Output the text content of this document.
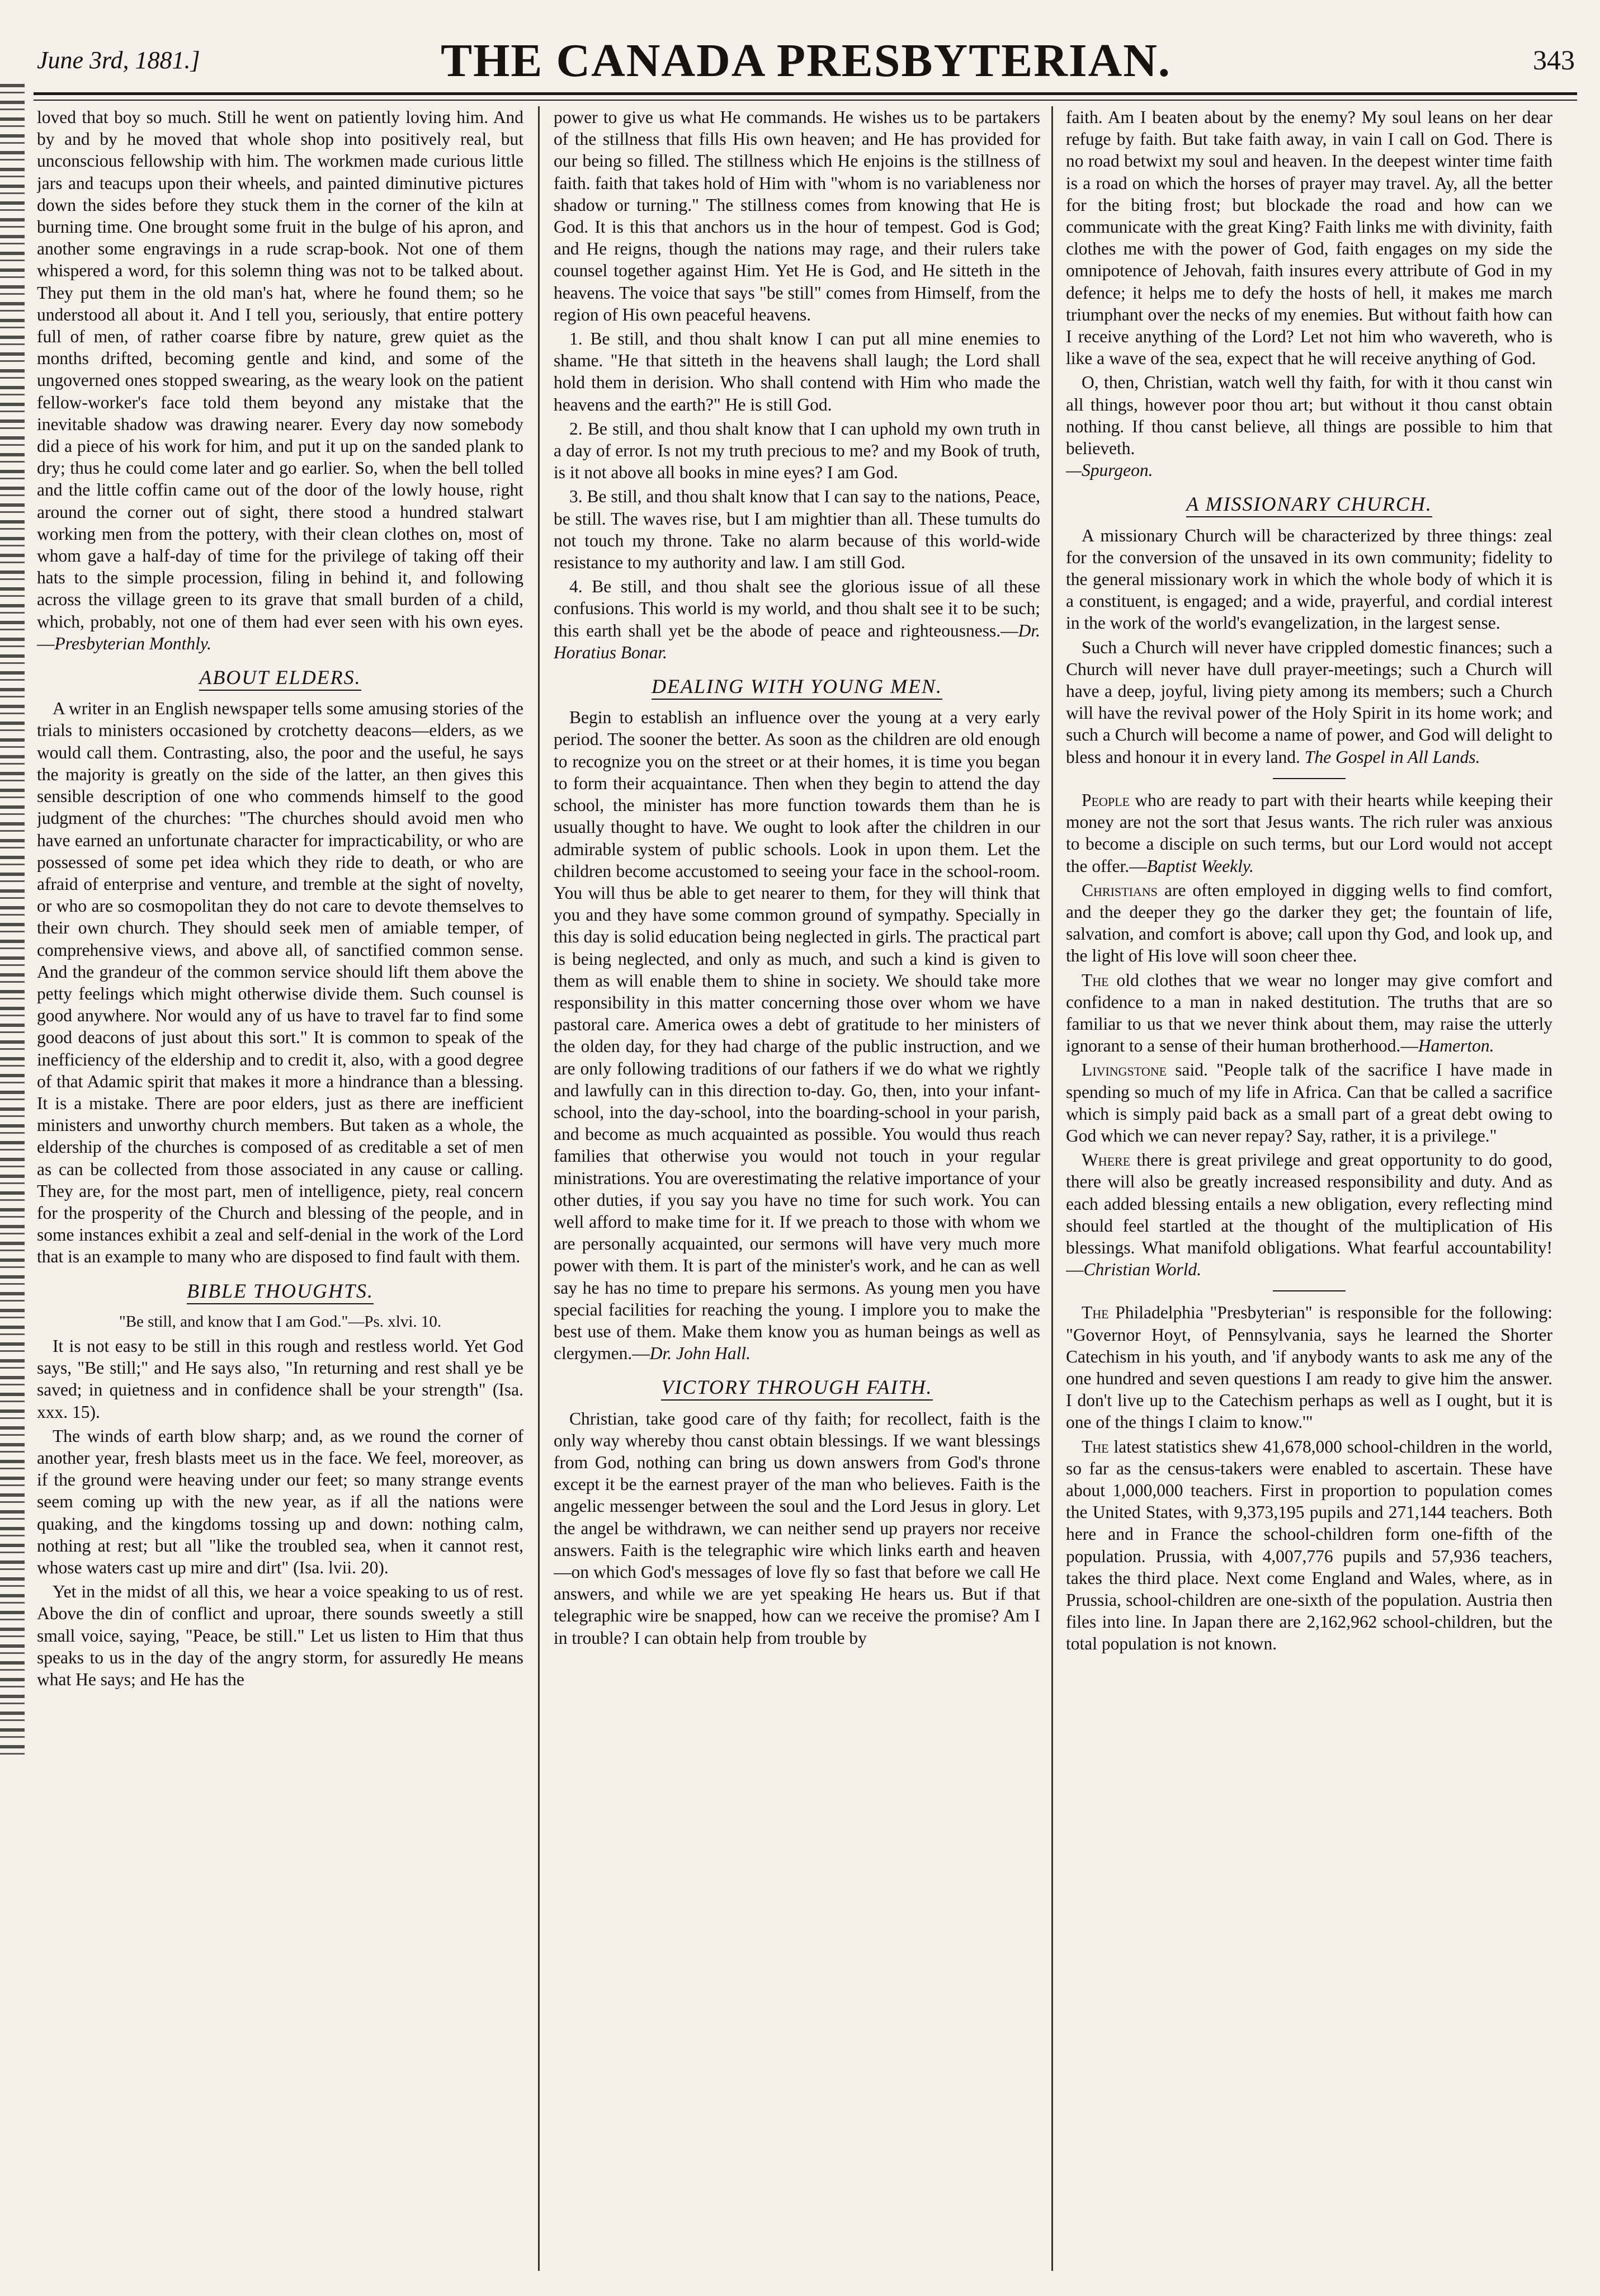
June 3rd, 1881.]	THE CANADA PRESBYTERIAN.	343

loved that boy so much. Still he went on patiently loving him. And by and by he moved that whole shop into positively real, but unconscious fellowship with him. The workmen made curious little jars and teacups upon their wheels, and painted diminutive pictures down the sides before they stuck them in the corner of the kiln at burning time. One brought some fruit in the bulge of his apron, and another some engravings in a rude scrap-book. Not one of them whispered a word, for this solemn thing was not to be talked about. They put them in the old man's hat, where he found them; so he understood all about it. And I tell you, seriously, that entire pottery full of men, of rather coarse fibre by nature, grew quiet as the months drifted, becoming gentle and kind, and some of the ungoverned ones stopped swearing, as the weary look on the patient fellow-worker's face told them beyond any mistake that the inevitable shadow was drawing nearer. Every day now somebody did a piece of his work for him, and put it up on the sanded plank to dry; thus he could come later and go earlier. So, when the bell tolled and the little coffin came out of the door of the lowly house, right around the corner out of sight, there stood a hundred stalwart working men from the pottery, with their clean clothes on, most of whom gave a half-day of time for the privilege of taking off their hats to the simple procession, filing in behind it, and following across the village green to its grave that small burden of a child, which, probably, not one of them had ever seen with his own eyes.—Presbyterian Monthly.

ABOUT ELDERS.

A writer in an English newspaper tells some amusing stories of the trials to ministers occasioned by crotchetty deacons—elders, as we would call them. Contrasting, also, the poor and the useful, he says the majority is greatly on the side of the latter, an then gives this sensible description of one who commends himself to the good judgment of the churches: "The churches should avoid men who have earned an unfortunate character for impracticability, or who are possessed of some pet idea which they ride to death, or who are afraid of enterprise and venture, and tremble at the sight of novelty, or who are so cosmopolitan they do not care to devote themselves to their own church. They should seek men of amiable temper, of comprehensive views, and above all, of sanctified common sense. And the grandeur of the common service should lift them above the petty feelings which might otherwise divide them. Such counsel is good anywhere. Nor would any of us have to travel far to find some good deacons of just about this sort." It is common to speak of the inefficiency of the eldership and to credit it, also, with a good degree of that Adamic spirit that makes it more a hindrance than a blessing. It is a mistake. There are poor elders, just as there are inefficient ministers and unworthy church members. But taken as a whole, the eldership of the churches is composed of as creditable a set of men as can be collected from those associated in any cause or calling. They are, for the most part, men of intelligence, piety, real concern for the prosperity of the Church and blessing of the people, and in some instances exhibit a zeal and self-denial in the work of the Lord that is an example to many who are disposed to find fault with them.

BIBLE THOUGHTS.

"Be still, and know that I am God."—Ps. xlvi. 10.

It is not easy to be still in this rough and restless world. Yet God says, "Be still;" and He says also, "In returning and rest shall ye be saved; in quietness and in confidence shall be your strength" (Isa. xxx. 15).

The winds of earth blow sharp; and, as we round the corner of another year, fresh blasts meet us in the face. We feel, moreover, as if the ground were heaving under our feet; so many strange events seem coming up with the new year, as if all the nations were quaking, and the kingdoms tossing up and down: nothing calm, nothing at rest; but all "like the troubled sea, when it cannot rest, whose waters cast up mire and dirt" (Isa. lvii. 20).

Yet in the midst of all this, we hear a voice speaking to us of rest. Above the din of conflict and uproar, there sounds sweetly a still small voice, saying, "Peace, be still." Let us listen to Him that thus speaks to us in the day of the angry storm, for assuredly He means what He says; and He has the

power to give us what He commands. He wishes us to be partakers of the stillness that fills His own heaven; and He has provided for our being so filled. The stillness which He enjoins is the stillness of faith. faith that takes hold of Him with "whom is no variableness nor shadow or turning." The stillness comes from knowing that He is God. It is this that anchors us in the hour of tempest. God is God; and He reigns, though the nations may rage, and their rulers take counsel together against Him. Yet He is God, and He sitteth in the heavens. The voice that says "be still" comes from Himself, from the region of His own peaceful heavens.

1. Be still, and thou shalt know I can put all mine enemies to shame. "He that sitteth in the heavens shall laugh; the Lord shall hold them in derision. Who shall contend with Him who made the heavens and the earth?" He is still God.

2. Be still, and thou shalt know that I can uphold my own truth in a day of error. Is not my truth precious to me? and my Book of truth, is it not above all books in mine eyes? I am God.

3. Be still, and thou shalt know that I can say to the nations, Peace, be still. The waves rise, but I am mightier than all. These tumults do not touch my throne. Take no alarm because of this world-wide resistance to my authority and law. I am still God.

4. Be still, and thou shalt see the glorious issue of all these confusions. This world is my world, and thou shalt see it to be such; this earth shall yet be the abode of peace and righteousness.—Dr. Horatius Bonar.

DEALING WITH YOUNG MEN.

Begin to establish an influence over the young at a very early period. The sooner the better. As soon as the children are old enough to recognize you on the street or at their homes, it is time you began to form their acquaintance. Then when they begin to attend the day school, the minister has more function towards them than he is usually thought to have. We ought to look after the children in our admirable system of public schools. Look in upon them. Let the children become accustomed to seeing your face in the school-room. You will thus be able to get nearer to them, for they will think that you and they have some common ground of sympathy. Specially in this day is solid education being neglected in girls. The practical part is being neglected, and only as much, and such a kind is given to them as will enable them to shine in society. We should take more responsibility in this matter concerning those over whom we have pastoral care. America owes a debt of gratitude to her ministers of the olden day, for they had charge of the public instruction, and we are only following traditions of our fathers if we do what we rightly and lawfully can in this direction to-day. Go, then, into your infant-school, into the day-school, into the boarding-school in your parish, and become as much acquainted as possible. You would thus reach families that otherwise you would not touch in your regular ministrations. You are overestimating the relative importance of your other duties, if you say you have no time for such work. You can well afford to make time for it. If we preach to those with whom we are personally acquainted, our sermons will have very much more power with them. It is part of the minister's work, and he can as well say he has no time to prepare his sermons. As young men you have special facilities for reaching the young. I implore you to make the best use of them. Make them know you as human beings as well as clergymen.—Dr. John Hall.

VICTORY THROUGH FAITH.

Christian, take good care of thy faith; for recollect, faith is the only way whereby thou canst obtain blessings. If we want blessings from God, nothing can bring us down answers from God's throne except it be the earnest prayer of the man who believes. Faith is the angelic messenger between the soul and the Lord Jesus in glory. Let the angel be withdrawn, we can neither send up prayers nor receive answers. Faith is the telegraphic wire which links earth and heaven—on which God's messages of love fly so fast that before we call He answers, and while we are yet speaking He hears us. But if that telegraphic wire be snapped, how can we receive the promise? Am I in trouble? I can obtain help from trouble by

faith. Am I beaten about by the enemy? My soul leans on her dear refuge by faith. But take faith away, in vain I call on God. There is no road betwixt my soul and heaven. In the deepest winter time faith is a road on which the horses of prayer may travel. Ay, all the better for the biting frost; but blockade the road and how can we communicate with the great King? Faith links me with divinity, faith clothes me with the power of God, faith engages on my side the omnipotence of Jehovah, faith insures every attribute of God in my defence; it helps me to defy the hosts of hell, it makes me march triumphant over the necks of my enemies. But without faith how can I receive anything of the Lord? Let not him who wavereth, who is like a wave of the sea, expect that he will receive anything of God.

O, then, Christian, watch well thy faith, for with it thou canst win all things, however poor thou art; but without it thou canst obtain nothing. If thou canst believe, all things are possible to him that believeth.
—Spurgeon.

A MISSIONARY CHURCH.

A missionary Church will be characterized by three things: zeal for the conversion of the unsaved in its own community; fidelity to the general missionary work in which the whole body of which it is a constituent, is engaged; and a wide, prayerful, and cordial interest in the work of the world's evangelization, in the largest sense.

Such a Church will never have crippled domestic finances; such a Church will never have dull prayer-meetings; such a Church will have a deep, joyful, living piety among its members; such a Church will have the revival power of the Holy Spirit in its home work; and such a Church will become a name of power, and God will delight to bless and honour it in every land. The Gospel in All Lands.

People who are ready to part with their hearts while keeping their money are not the sort that Jesus wants. The rich ruler was anxious to become a disciple on such terms, but our Lord would not accept the offer.—Baptist Weekly.

Christians are often employed in digging wells to find comfort, and the deeper they go the darker they get; the fountain of life, salvation, and comfort is above; call upon thy God, and look up, and the light of His love will soon cheer thee.

The old clothes that we wear no longer may give comfort and confidence to a man in naked destitution. The truths that are so familiar to us that we never think about them, may raise the utterly ignorant to a sense of their human brotherhood.—Hamerton.

Livingstone said. "People talk of the sacrifice I have made in spending so much of my life in Africa. Can that be called a sacrifice which is simply paid back as a small part of a great debt owing to God which we can never repay? Say, rather, it is a privilege."

Where there is great privilege and great opportunity to do good, there will also be greatly increased responsibility and duty. And as each added blessing entails a new obligation, every reflecting mind should feel startled at the thought of the multiplication of His blessings. What manifold obligations. What fearful accountability!—Christian World.

The Philadelphia "Presbyterian" is responsible for the following: "Governor Hoyt, of Pennsylvania, says he learned the Shorter Catechism in his youth, and 'if anybody wants to ask me any of the one hundred and seven questions I am ready to give him the answer. I don't live up to the Catechism perhaps as well as I ought, but it is one of the things I claim to know.'"

The latest statistics shew 41,678,000 school-children in the world, so far as the census-takers were enabled to ascertain. These have about 1,000,000 teachers. First in proportion to population comes the United States, with 9,373,195 pupils and 271,144 teachers. Both here and in France the school-children form one-fifth of the population. Prussia, with 4,007,776 pupils and 57,936 teachers, takes the third place. Next come England and Wales, where, as in Prussia, school-children are one-sixth of the population. Austria then files into line. In Japan there are 2,162,962 school-children, but the total population is not known.
